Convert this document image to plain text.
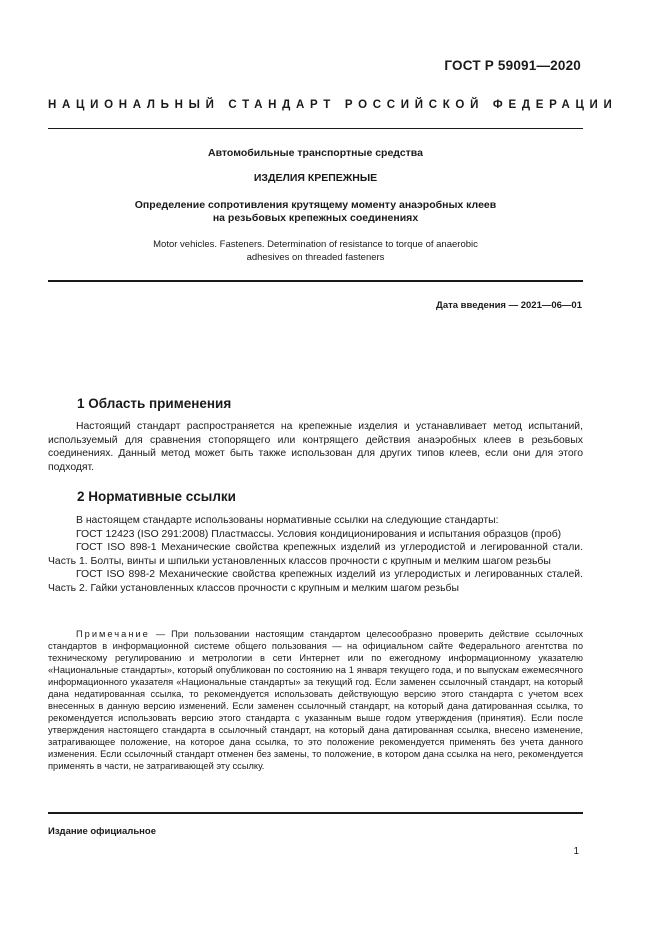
ГОСТ Р 59091—2020
НАЦИОНАЛЬНЫЙ СТАНДАРТ РОССИЙСКОЙ ФЕДЕРАЦИИ
Автомобильные транспортные средства
ИЗДЕЛИЯ КРЕПЕЖНЫЕ
Определение сопротивления крутящему моменту анаэробных клеев
на резьбовых крепежных соединениях
Motor vehicles. Fasteners. Determination of resistance to torque of anaerobic
adhesives on threaded fasteners
Дата введения — 2021—06—01
1 Область применения

Настоящий стандарт распространяется на крепежные изделия и устанавливает метод испытаний, используемый для сравнения стопорящего или контрящего действия анаэробных клеев в резьбовых соединениях. Данный метод может быть также использован для других типов клеев, если они для этого подходят.

2 Нормативные ссылки

В настоящем стандарте использованы нормативные ссылки на следующие стандарты:

ГОСТ 12423 (ISO 291:2008) Пластмассы. Условия кондиционирования и испытания образцов (проб)

ГОСТ ISO 898-1 Механические свойства крепежных изделий из углеродистой и легированной стали. Часть 1. Болты, винты и шпильки установленных классов прочности с крупным и мелким шагом резьбы

ГОСТ ISO 898-2 Механические свойства крепежных изделий из углеродистых и легированных сталей. Часть 2. Гайки установленных классов прочности с крупным и мелким шагом резьбы

Примечание — При пользовании настоящим стандартом целесообразно проверить действие ссылочных стандартов в информационной системе общего пользования — на официальном сайте Федерального агентства по техническому регулированию и метрологии в сети Интернет или по ежегодному информационному указателю «Национальные стандарты», который опубликован по состоянию на 1 января текущего года, и по выпускам ежемесячного информационного указателя «Национальные стандарты» за текущий год. Если заменен ссылочный стандарт, на который дана недатированная ссылка, то рекомендуется использовать действующую версию этого стандарта с учетом всех внесенных в данную версию изменений. Если заменен ссылочный стандарт, на который дана датированная ссылка, то рекомендуется использовать версию этого стандарта с указанным выше годом утверждения (принятия). Если после утверждения настоящего стандарта в ссылочный стандарт, на который дана датированная ссылка, внесено изменение, затрагивающее положение, на которое дана ссылка, то это положение рекомендуется применять без учета данного изменения. Если ссылочный стандарт отменен без замены, то положение, в котором дана ссылка на него, рекомендуется применять в части, не затрагивающей эту ссылку.

Издание официальное
1
